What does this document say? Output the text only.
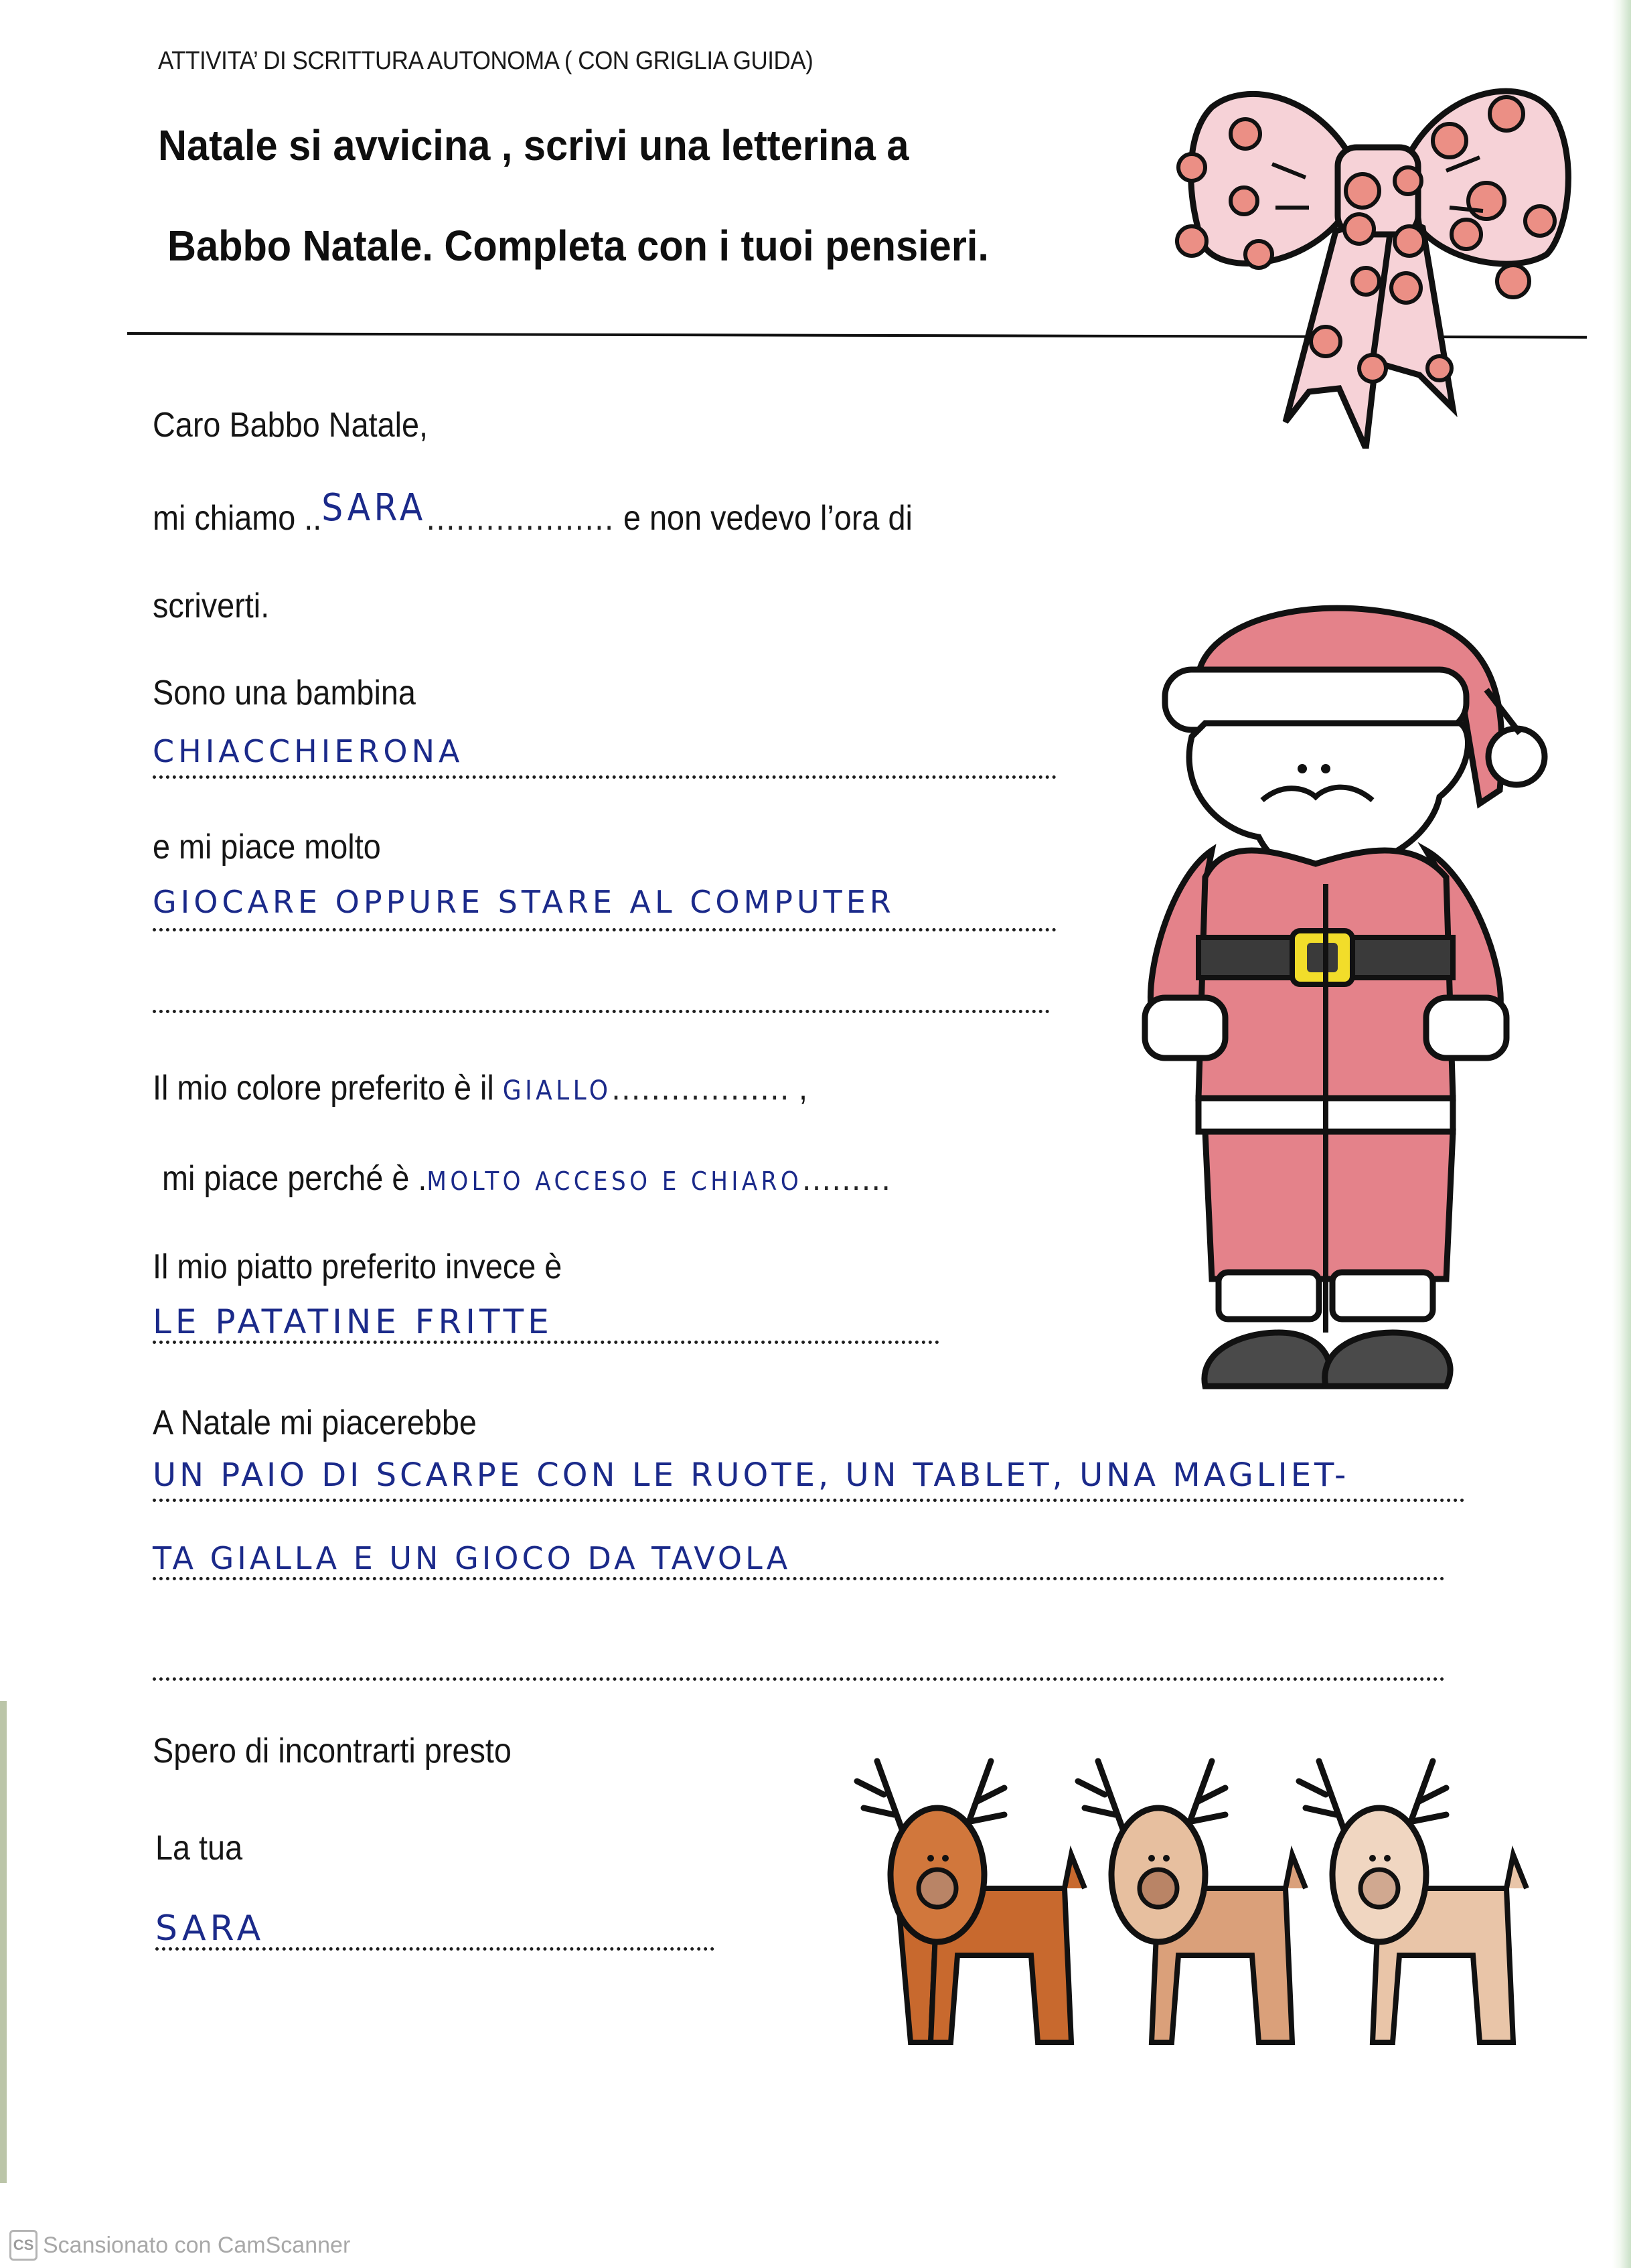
ATTIVITA’ DI SCRITTURA AUTONOMA ( CON GRIGLIA GUIDA)
Natale si avvicina , scrivi una letterina a
Babbo Natale. Completa con i tuoi pensieri.
Caro Babbo Natale,
mi chiamo ..SARA................... e non vedevo l’ora di
scriverti.
Sono una bambina
CHIACCHIERONA
e mi piace molto
GIOCARE OPPURE STARE AL COMPUTER
Il mio colore preferito è il GIALLO.................. ,
mi piace perché è .MOLTO ACCESO E CHIARO.........
Il mio piatto preferito invece è
LE PATATINE FRITTE
A Natale mi piacerebbe
UN PAIO DI SCARPE CON LE RUOTE, UN TABLET, UNA MAGLIET-
TA GIALLA E UN GIOCO DA TAVOLA
Spero di incontrarti presto
La tua
SARA
CS Scansionato con CamScanner
